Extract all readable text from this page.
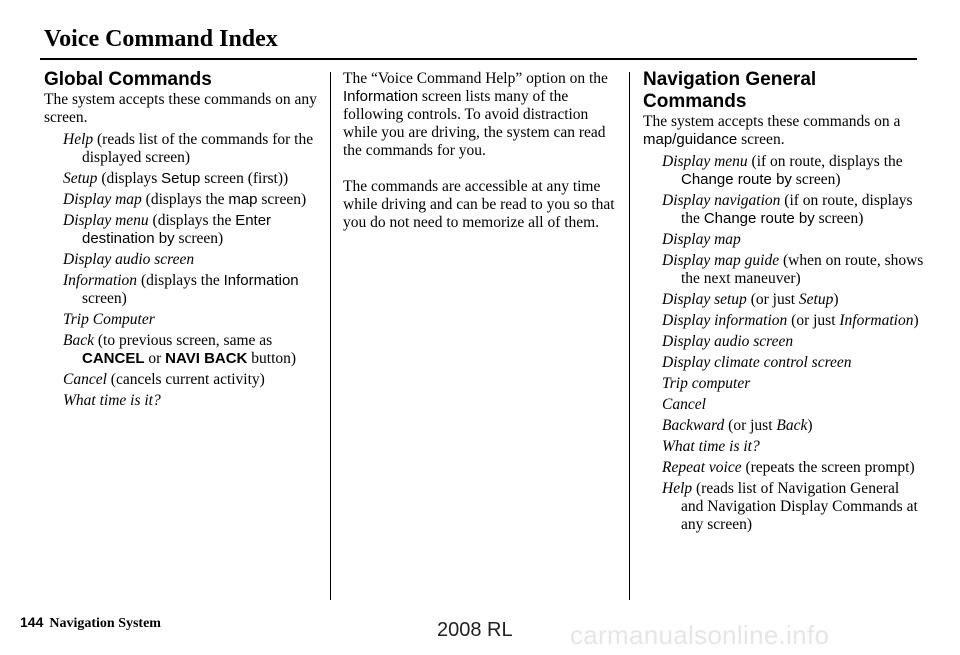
Voice Command Index
Global Commands

The system accepts these commands on any screen.

Help (reads list of the commands for the displayed screen)

Setup (displays Setup screen (first))

Display map (displays the map screen)

Display menu (displays the Enter destination by screen)

Display audio screen

Information (displays the Information screen)

Trip Computer

Back (to previous screen, same as CANCEL or NAVI BACK button)

Cancel (cancels current activity)

What time is it?

The “Voice Command Help” option on the Information screen lists many of the following controls. To avoid distraction while you are driving, the system can read the commands for you.

The commands are accessible at any time while driving and can be read to you so that you do not need to memorize all of them.

Navigation General Commands

The system accepts these commands on a map/guidance screen.

Display menu (if on route, displays the Change route by screen)

Display navigation (if on route, displays the Change route by screen)

Display map

Display map guide (when on route, shows the next maneuver)

Display setup (or just Setup)

Display information (or just Information)

Display audio screen

Display climate control screen

Trip computer

Cancel

Backward (or just Back)

What time is it?

Repeat voice (repeats the screen prompt)

Help (reads list of Navigation General and Navigation Display Commands at any screen)

144 Navigation System	2008 RL carmanualsonline.info
